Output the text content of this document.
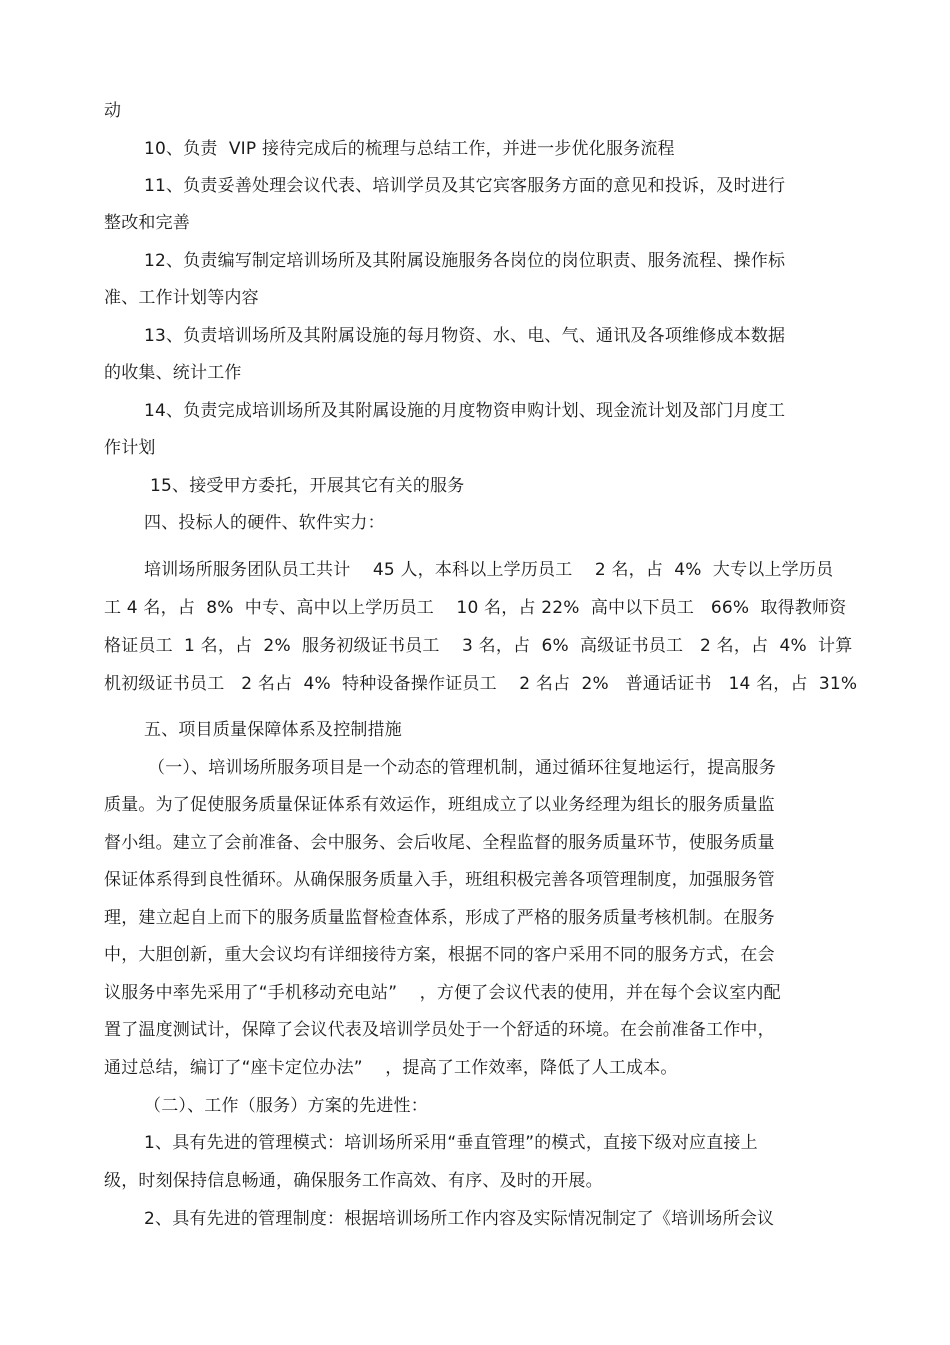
动
10、负责  VIP 接待完成后的梳理与总结工作，并进一步优化服务流程
11、负责妥善处理会议代表、培训学员及其它宾客服务方面的意见和投诉，及时进行
整改和完善
12、负责编写制定培训场所及其附属设施服务各岗位的岗位职责、服务流程、操作标
准、工作计划等内容
13、负责培训场所及其附属设施的每月物资、水、电、气、通讯及各项维修成本数据
的收集、统计工作
14、负责完成培训场所及其附属设施的月度物资申购计划、现金流计划及部门月度工
作计划
15、接受甲方委托，开展其它有关的服务
四、投标人的硬件、软件实力：
培训场所服务团队员工共计    45 人，本科以上学历员工    2 名，占  4%  大专以上学历员
工 4 名，占  8%  中专、高中以上学历员工    10 名，占 22%  高中以下员工   66%  取得教师资
格证员工  1 名，占  2%  服务初级证书员工    3 名，占  6%  高级证书员工   2 名，占  4%  计算
机初级证书员工   2 名占  4%  特种设备操作证员工    2 名占  2%   普通话证书   14 名，占  31%
五、项目质量保障体系及控制措施
（一）、培训场所服务项目是一个动态的管理机制，通过循环往复地运行，提高服务
质量。为了促使服务质量保证体系有效运作，班组成立了以业务经理为组长的服务质量监
督小组。建立了会前准备、会中服务、会后收尾、全程监督的服务质量环节，使服务质量
保证体系得到良性循环。从确保服务质量入手，班组积极完善各项管理制度，加强服务管
理，建立起自上而下的服务质量监督检查体系，形成了严格的服务质量考核机制。在服务
中，大胆创新，重大会议均有详细接待方案，根据不同的客户采用不同的服务方式，在会
议服务中率先采用了“手机移动充电站”    ，方便了会议代表的使用，并在每个会议室内配
置了温度测试计，保障了会议代表及培训学员处于一个舒适的环境。在会前准备工作中，
通过总结，编订了“座卡定位办法”    ，提高了工作效率，降低了人工成本。
（二）、工作（服务）方案的先进性：
1、具有先进的管理模式：培训场所采用“垂直管理”的模式，直接下级对应直接上
级，时刻保持信息畅通，确保服务工作高效、有序、及时的开展。
2、具有先进的管理制度：根据培训场所工作内容及实际情况制定了《培训场所会议
